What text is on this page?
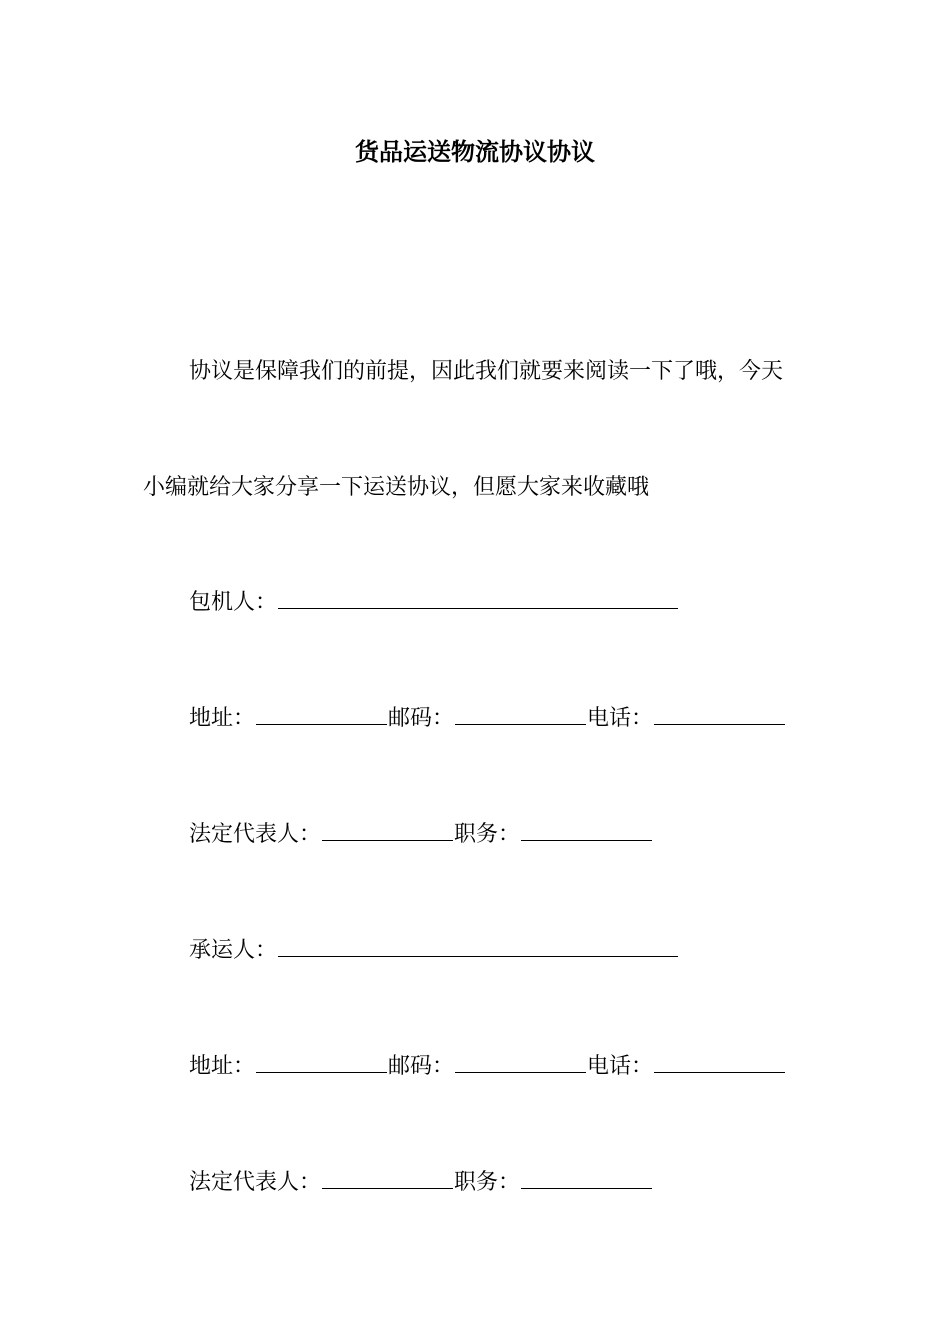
货品运送物流协议协议
协议是保障我们的前提，因此我们就要来阅读一下了哦，今天
小编就给大家分享一下运送协议，但愿大家来收藏哦
包机人：
地址：	邮码：	电话：
法定代表人：	职务：
承运人：
地址：	邮码：	电话：
法定代表人：	职务：
